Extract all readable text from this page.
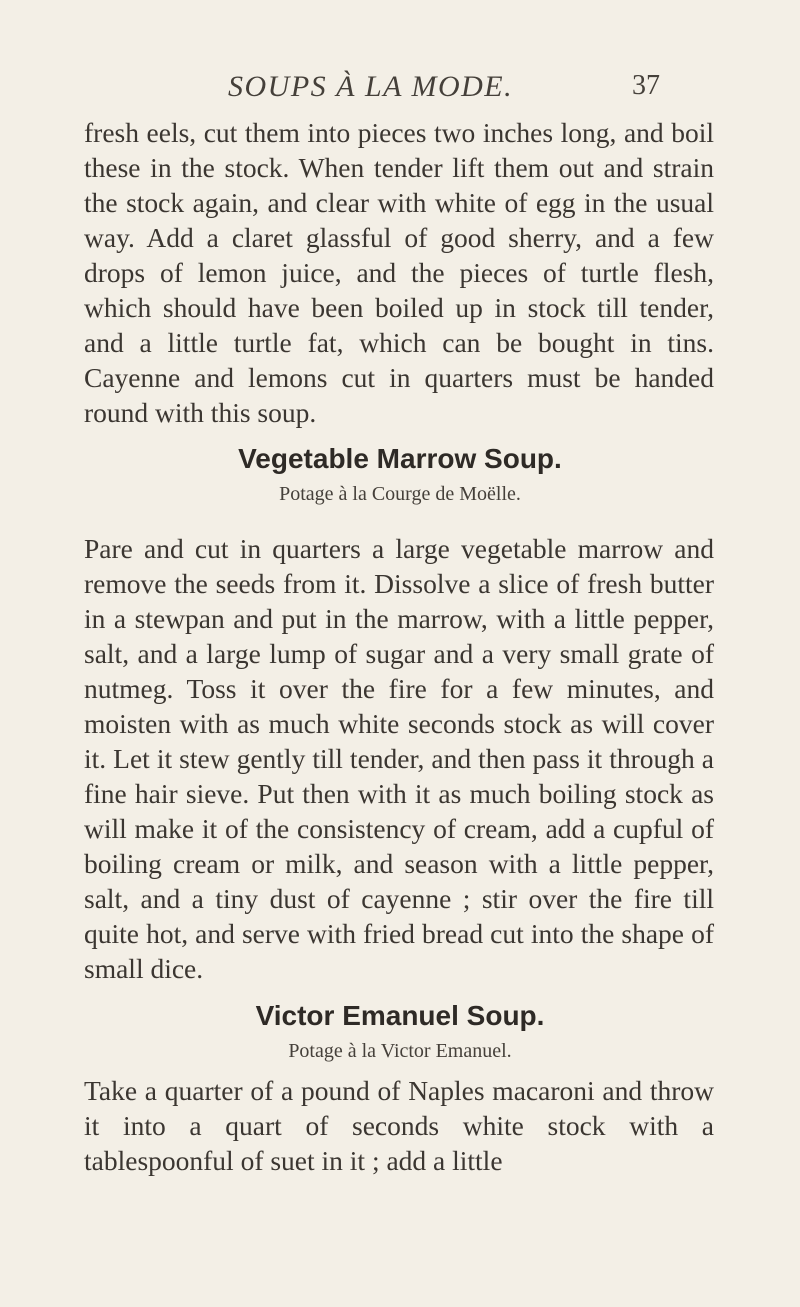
SOUPS À LA MODE.	37

fresh eels, cut them into pieces two inches long, and boil these in the stock. When tender lift them out and strain the stock again, and clear with white of egg in the usual way. Add a claret glassful of good sherry, and a few drops of lemon juice, and the pieces of turtle flesh, which should have been boiled up in stock till tender, and a little turtle fat, which can be bought in tins. Cayenne and lemons cut in quarters must be handed round with this soup.

Vegetable Marrow Soup.
Potage à la Courge de Moëlle.

Pare and cut in quarters a large vegetable marrow and remove the seeds from it. Dissolve a slice of fresh butter in a stewpan and put in the marrow, with a little pepper, salt, and a large lump of sugar and a very small grate of nutmeg. Toss it over the fire for a few minutes, and moisten with as much white seconds stock as will cover it. Let it stew gently till tender, and then pass it through a fine hair sieve. Put then with it as much boiling stock as will make it of the consistency of cream, add a cupful of boiling cream or milk, and season with a little pepper, salt, and a tiny dust of cayenne ; stir over the fire till quite hot, and serve with fried bread cut into the shape of small dice.

Victor Emanuel Soup.
Potage à la Victor Emanuel.

Take a quarter of a pound of Naples macaroni and throw it into a quart of seconds white stock with a tablespoonful of suet in it ; add a little
